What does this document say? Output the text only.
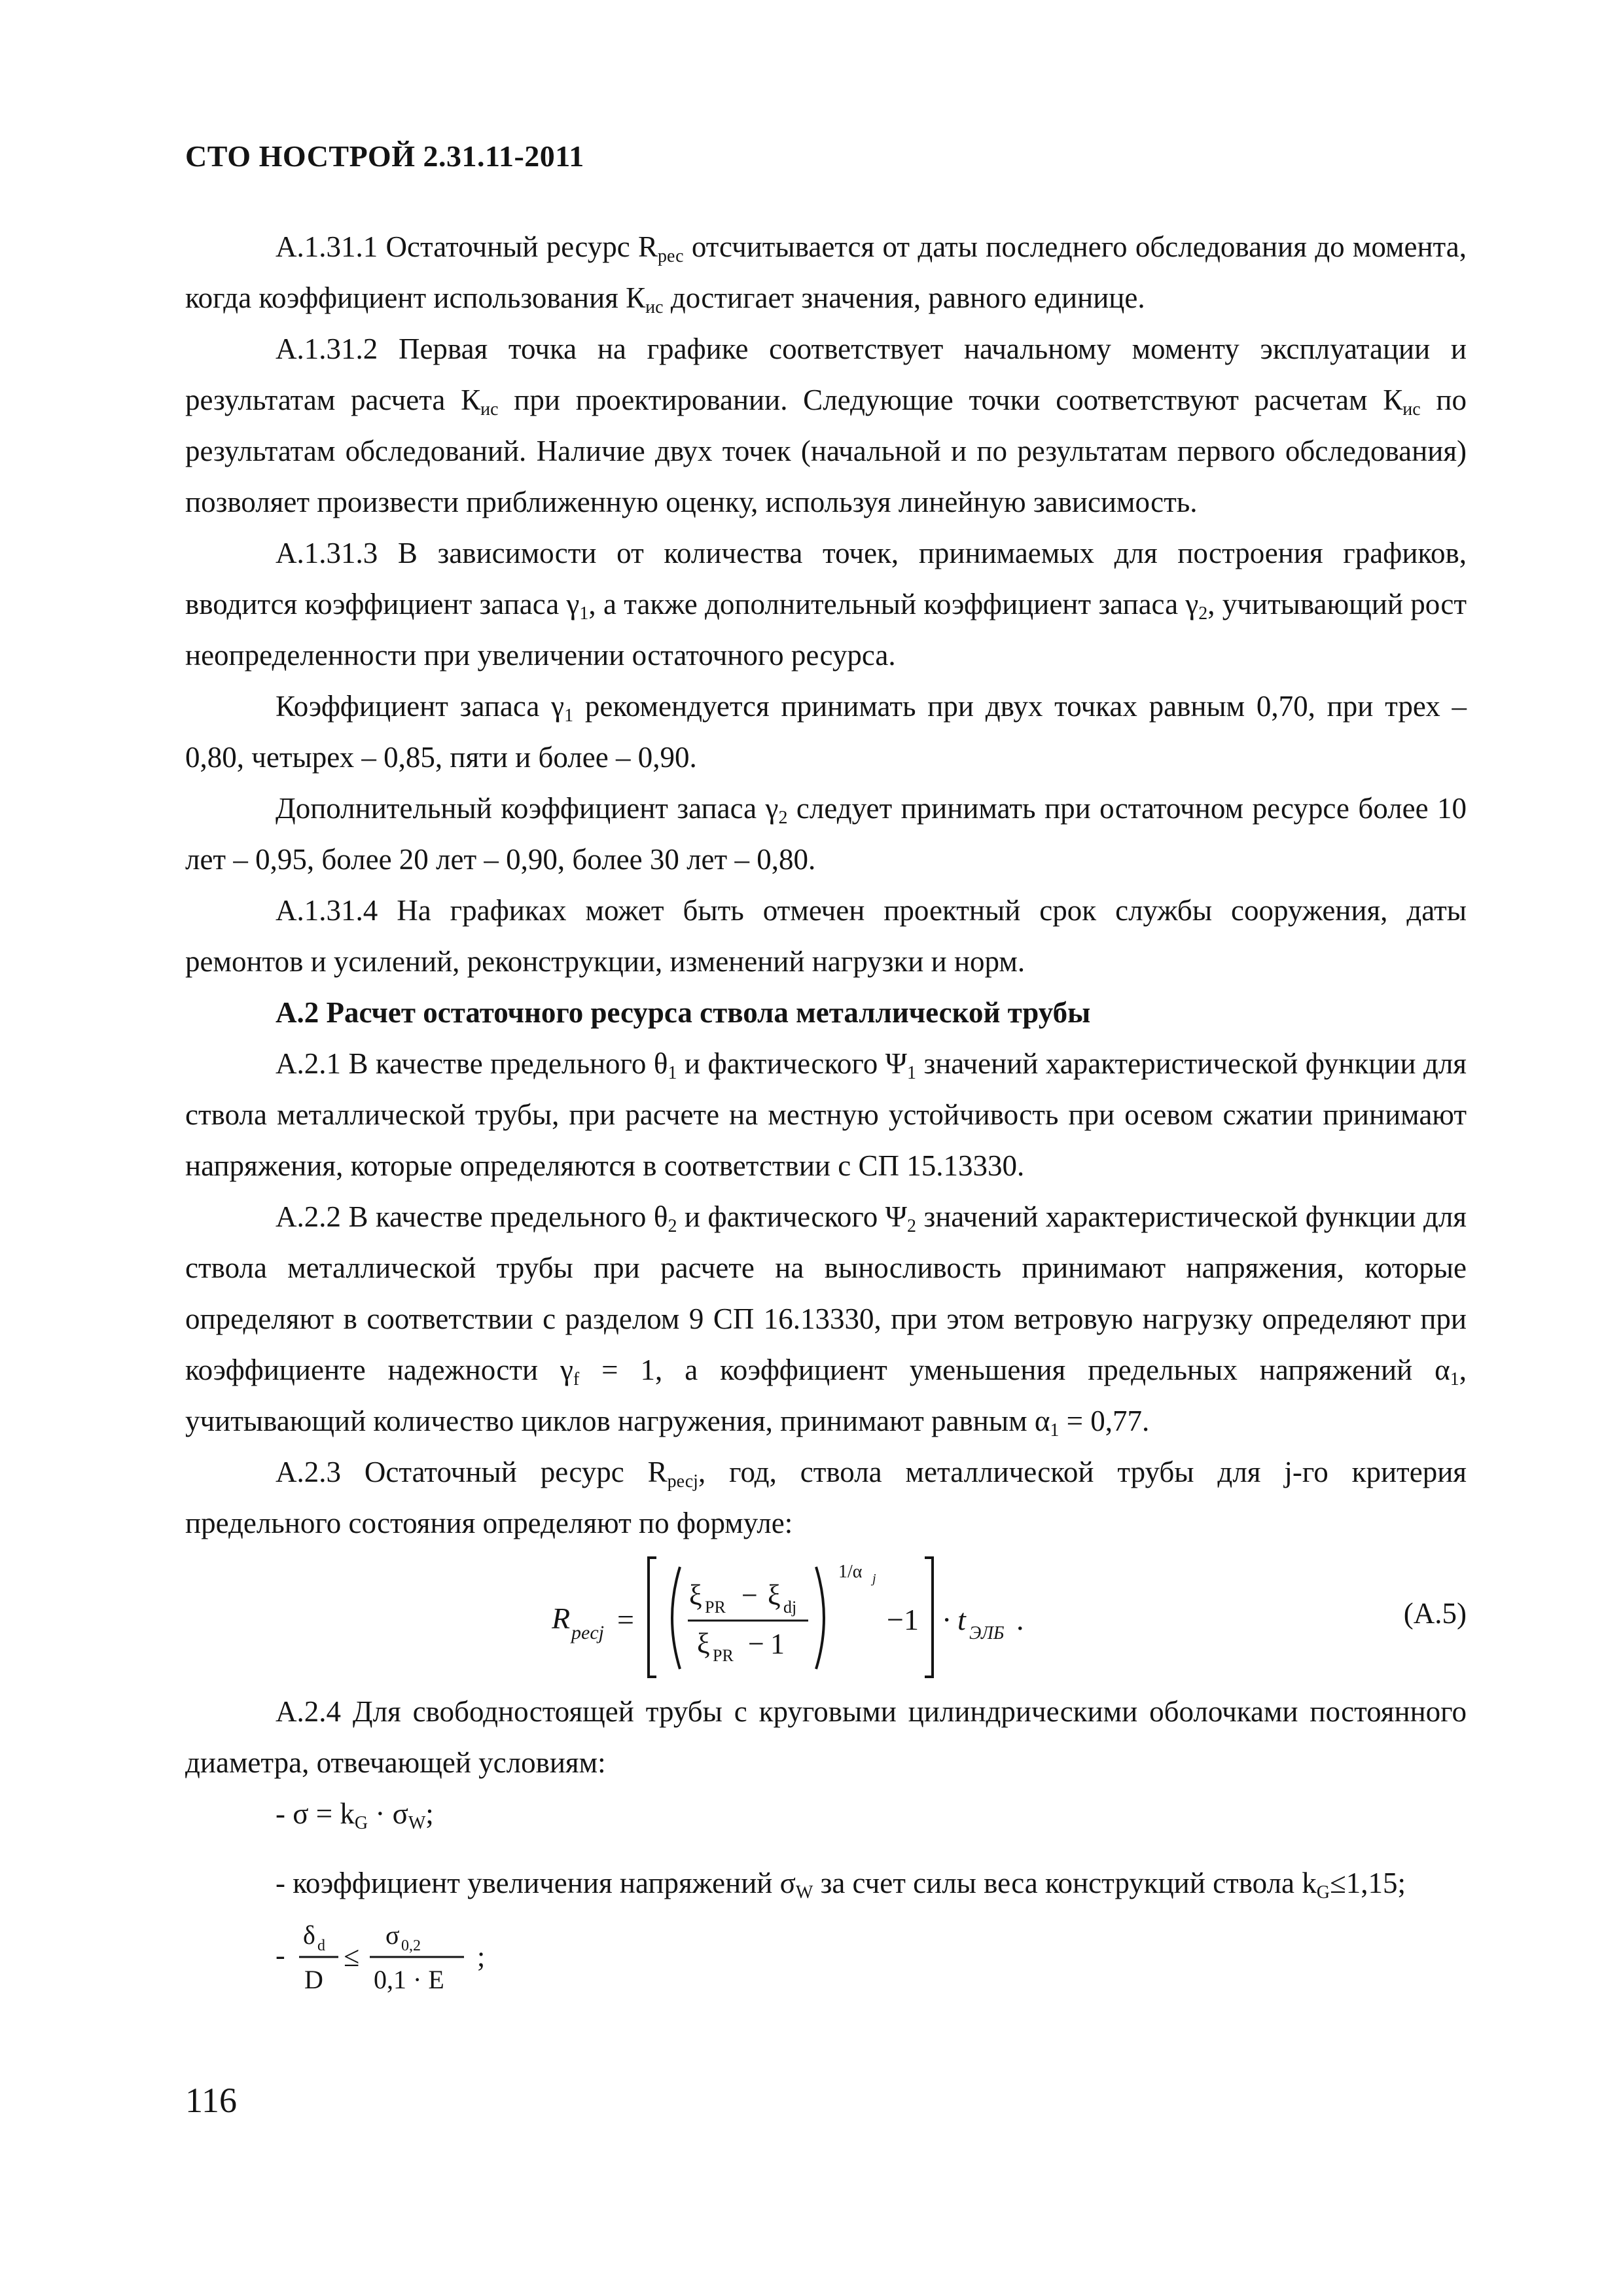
СТО НОСТРОЙ 2.31.11-2011

А.1.31.1 Остаточный ресурс $R_{рес}$ отсчитывается от даты последнего обследования до момента, когда коэффициент использования $К_{ис}$ достигает значения, равного единице.

А.1.31.2 Первая точка на графике соответствует начальному моменту эксплуатации и результатам расчета $К_{ис}$ при проектировании. Следующие точки соответствуют расчетам $К_{ис}$ по результатам обследований. Наличие двух точек (начальной и по результатам первого обследования) позволяет произвести приближенную оценку, используя линейную зависимость.

А.1.31.3 В зависимости от количества точек, принимаемых для построения графиков, вводится коэффициент запаса $\gamma_1$, а также дополнительный коэффициент запаса $\gamma_2$, учитывающий рост неопределенности при увеличении остаточного ресурса.

Коэффициент запаса $\gamma_1$ рекомендуется принимать при двух точках равным 0,70, при трех – 0,80, четырех – 0,85, пяти и более – 0,90.

Дополнительный коэффициент запаса $\gamma_2$ следует принимать при остаточном ресурсе более 10 лет – 0,95, более 20 лет – 0,90, более 30 лет – 0,80.

А.1.31.4 На графиках может быть отмечен проектный срок службы сооружения, даты ремонтов и усилений, реконструкции, изменений нагрузки и норм.

А.2 Расчет остаточного ресурса ствола металлической трубы

А.2.1 В качестве предельного $\theta_1$ и фактического $\Psi_1$ значений характеристической функции для ствола металлической трубы, при расчете на местную устойчивость при осевом сжатии принимают напряжения, которые определяются в соответствии с СП 15.13330.

А.2.2 В качестве предельного $\theta_2$ и фактического $\Psi_2$ значений характеристической функции для ствола металлической трубы при расчете на выносливость принимают напряжения, которые определяют в соответствии с разделом 9 СП 16.13330, при этом ветровую нагрузку определяют при коэффициенте надежности $\gamma_f = 1$, а коэффициент уменьшения предельных напряжений $\alpha_1$, учитывающий количество циклов нагружения, принимают равным $\alpha_1 = 0,77$.

А.2.3 Остаточный ресурс $R_{ресj}$, год, ствола металлической трубы для j-го критерия предельного состояния определяют по формуле:

R pecj =
ξ PR − ξ dj
ξ PR − 1
1/α j
−1 · t ЭЛБ .	(А.5)

А.2.4 Для свободностоящей трубы с круговыми цилиндрическими оболочками постоянного диаметра, отвечающей условиям:

- $\sigma = k_G \cdot \sigma_W$;
- коэффициент увеличения напряжений $\sigma_W$ за счет силы веса конструкций ствола $k_G\le 1,15$;
-
δ d
D
≤
σ 0,2
0,1 · E
;
116
